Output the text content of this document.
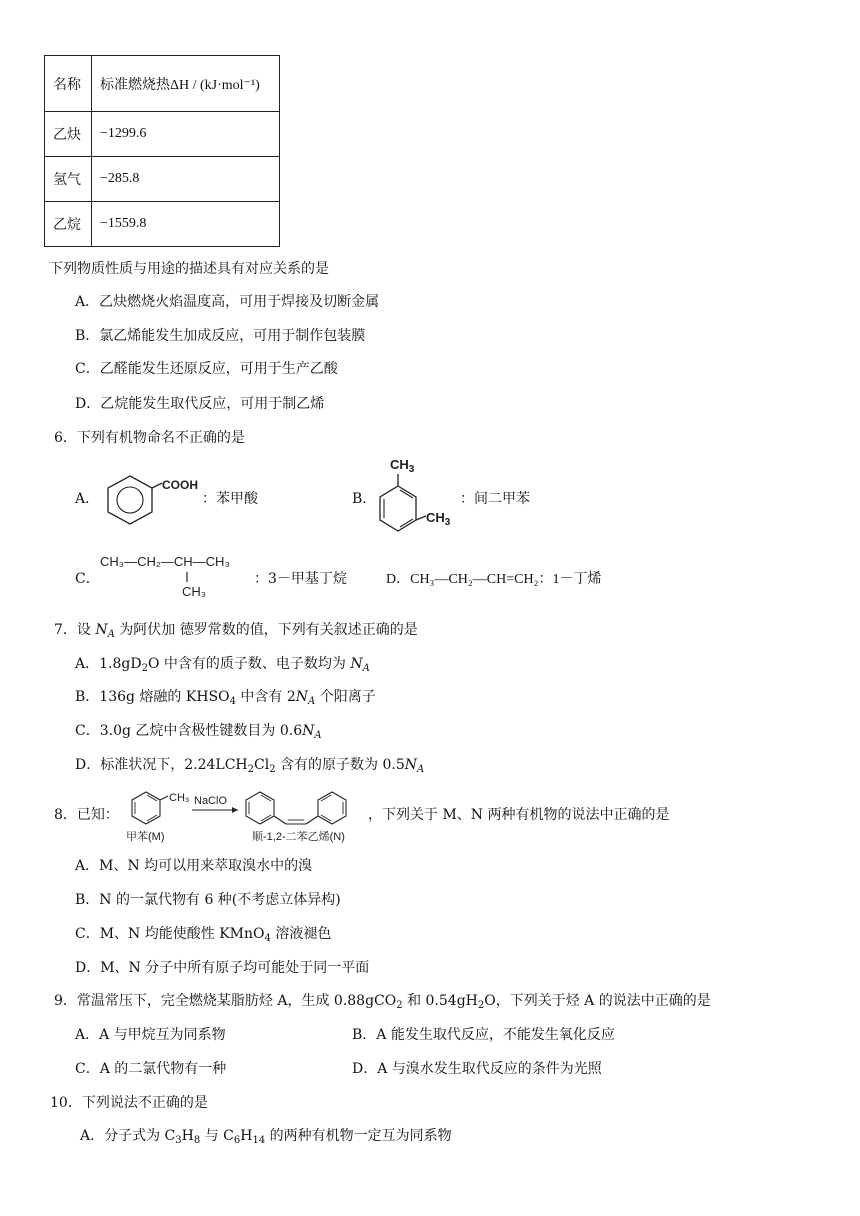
名称	标准燃烧热ΔH / (kJ·mol⁻¹)
乙炔	−1299.6
氢气	−285.8
乙烷	−1559.8
下列物质性质与用途的描述具有对应关系的是
A．乙炔燃烧火焰温度高，可用于焊接及切断金属
B．氯乙烯能发生加成反应，可用于制作包装膜
C．乙醛能发生还原反应，可用于生产乙酸
D．乙烷能发生取代反应，可用于制乙烯
6．下列有机物命名不正确的是
A．
COOH
：苯甲酸	B．
$CH_3$
$CH_3$
：间二甲苯
C．
CH₃—CH₂—CH—CH₃
CH₃
：3－甲基丁烷	D．CH₃—CH₂—CH=CH₂：1－丁烯
7．设 $N_A$ 为阿伏加 德罗常数的值，下列有关叙述正确的是
A．$1.8gD_2O$ 中含有的质子数、电子数均为 $N_A$
B．136g 熔融的 $KHSO_4$ 中含有 $2N_A$ 个阳离子
C．3.0g 乙烷中含极性键数目为 $0.6N_A$
D．标准状况下，$2.24LCH_2Cl_2$ 含有的原子数为 $0.5N_A$
8．已知：
CH₃
甲苯(M)
NaClO
顺-1,2-二苯乙烯(N)
，下列关于 M、N 两种有机物的说法中正确的是
A．M、N 均可以用来萃取溴水中的溴
B．N 的一氯代物有 6 种(不考虑立体异构)
C．M、N 均能使酸性 KMnO$_4$ 溶液褪色
D．M、N 分子中所有原子均可能处于同一平面
9．常温常压下，完全燃烧某脂肪烃 A，生成 0.88gCO$_2$ 和 $0.54gH_2O$，下列关于烃 A 的说法中正确的是
A．A 与甲烷互为同系物	B．A 能发生取代反应，不能发生氧化反应
C．A 的二氯代物有一种	D．A 与溴水发生取代反应的条件为光照
10．下列说法不正确的是
A．分子式为 $C_3H_8$ 与 $C_6H_{14}$ 的两种有机物一定互为同系物
